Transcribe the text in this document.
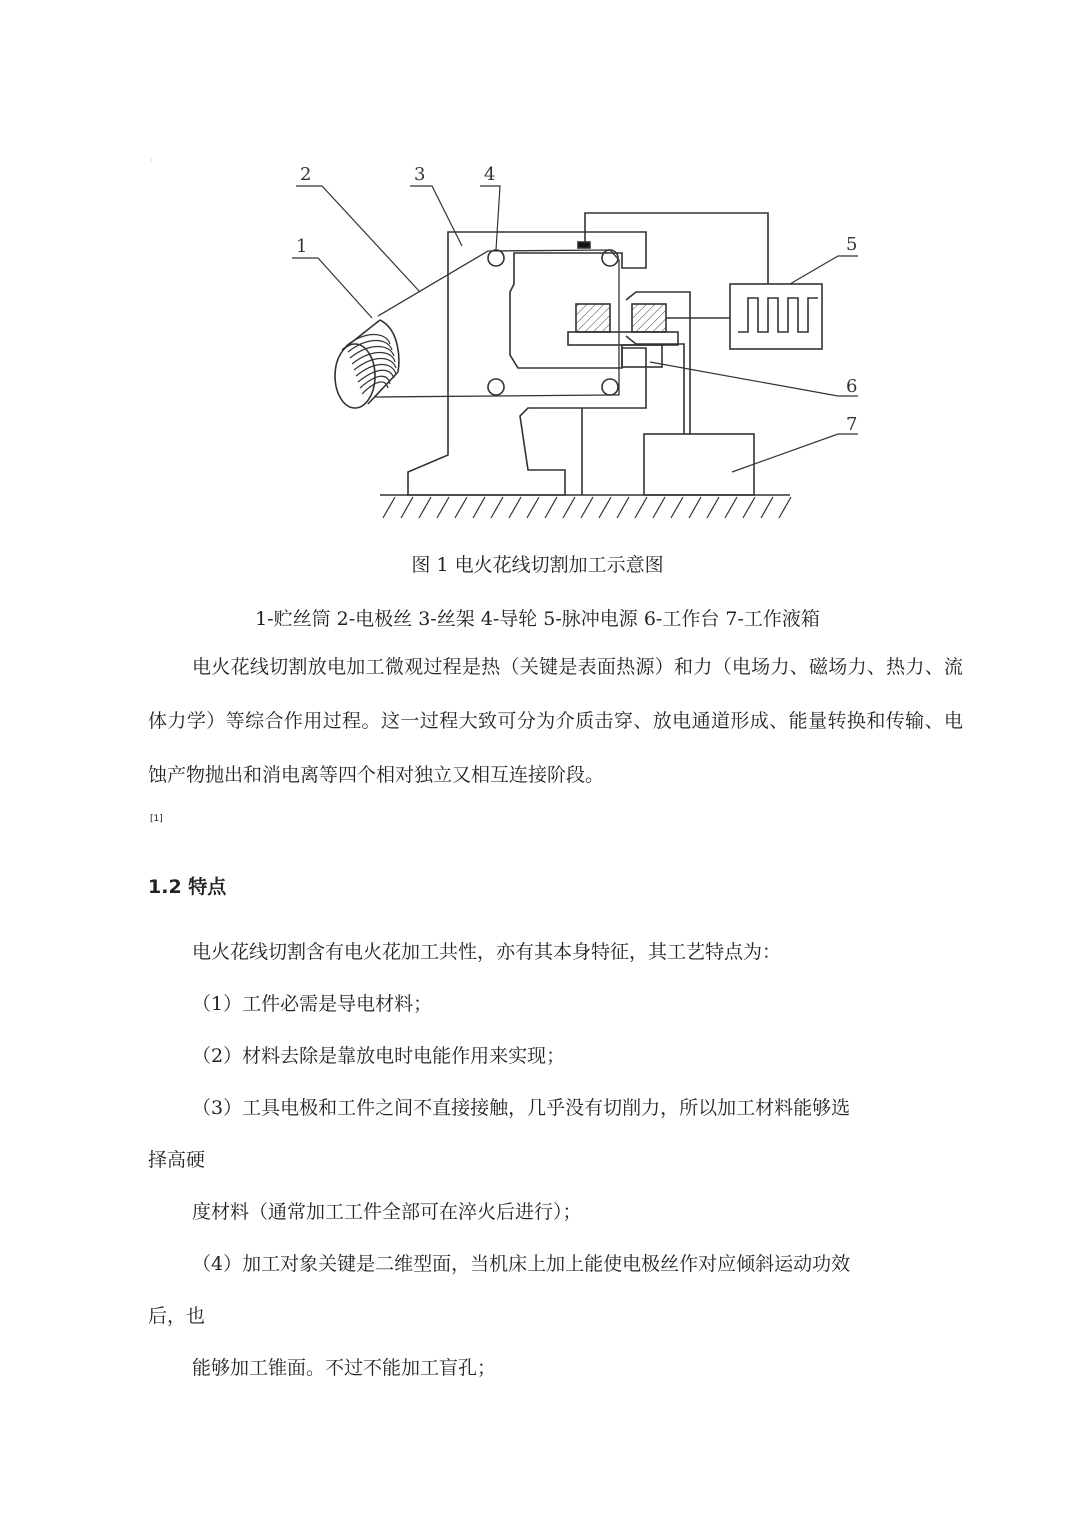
·
1
2	3	4
5
6
7
图 1 电火花线切割加工示意图
1-贮丝筒 2-电极丝 3-丝架 4-导轮 5-脉冲电源 6-工作台 7-工作液箱

电火花线切割放电加工微观过程是热（关键是表面热源）和力（电场力、磁场力、热力、流体力学）等综合作用过程。这一过程大致可分为介质击穿、放电通道形成、能量转换和传输、电蚀产物抛出和消电离等四个相对独立又相互连接阶段。

[1]
1.2 特点
电火花线切割含有电火花加工共性，亦有其本身特征，其工艺特点为：
（1）工件必需是导电材料；
（2）材料去除是靠放电时电能作用来实现；
（3）工具电极和工件之间不直接接触，几乎没有切削力，所以加工材料能够选
择高硬
度材料（通常加工工件全部可在淬火后进行）；
（4）加工对象关键是二维型面，当机床上加上能使电极丝作对应倾斜运动功效
后，也
能够加工锥面。不过不能加工盲孔；
